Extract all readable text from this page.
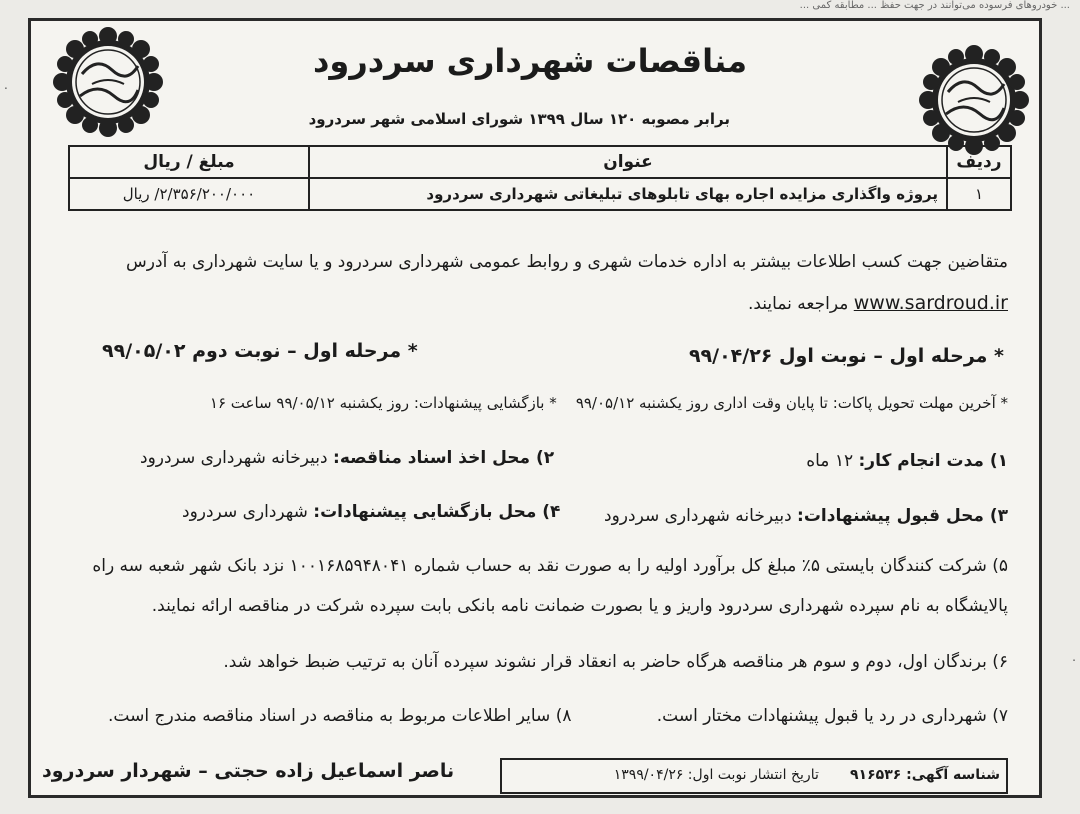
... خودروهای فرسوده می‌توانند در جهت حفظ ... مطابقه کمی ...
.
.
مناقصات شهرداری سردرود
برابر مصوبه ۱۲۰ سال ۱۳۹۹ شورای اسلامی شهر سردرود
ردیف	عنوان	مبلغ / ریال
۱	پروژه واگذاری مزایده اجاره بهای تابلوهای تبلیغاتی شهرداری سردرود	۲/۳۵۶/۲۰۰/۰۰۰/ ریال
متقاضین جهت کسب اطلاعات بیشتر به اداره خدمات شهری و روابط عمومی شهرداری سردرود و یا سایت شهرداری به آدرس
www.sardroud.ir مراجعه نمایند.
* مرحله اول – نوبت اول ۹۹/۰۴/۲۶
* مرحله اول – نوبت دوم ۹۹/۰۵/۰۲
* آخرین مهلت تحویل پاکات: تا پایان وقت اداری روز یکشنبه ۹۹/۰۵/۱۲    * بازگشایی پیشنهادات: روز یکشنبه ۹۹/۰۵/۱۲ ساعت ۱۶
۱) مدت انجام کار: ۱۲ ماه
۲) محل اخذ اسناد مناقصه: دبیرخانه شهرداری سردرود
۳) محل قبول پیشنهادات: دبیرخانه شهرداری سردرود
۴) محل بازگشایی پیشنهادات: شهرداری سردرود
۵) شرکت کنندگان بایستی ۵٪ مبلغ کل برآورد اولیه را به صورت نقد به حساب شماره ۱۰۰۱۶۸۵۹۴۸۰۴۱ نزد بانک شهر شعبه سه راه
پالایشگاه به نام سپرده شهرداری سردرود واریز و یا بصورت ضمانت نامه بانکی بابت سپرده شرکت در مناقصه ارائه نمایند.
۶) برندگان اول، دوم و سوم هر مناقصه هرگاه حاضر به انعقاد قرار نشوند سپرده آنان به ترتیب ضبط خواهد شد.
۷) شهرداری در رد یا قبول پیشنهادات مختار است.
۸) سایر اطلاعات مربوط به مناقصه در اسناد مناقصه مندرج است.
ناصر اسماعیل زاده حجتی – شهردار سردرود	شناسه آگهی: ۹۱۶۵۳۶       تاریخ انتشار نوبت اول: ۱۳۹۹/۰۴/۲۶
